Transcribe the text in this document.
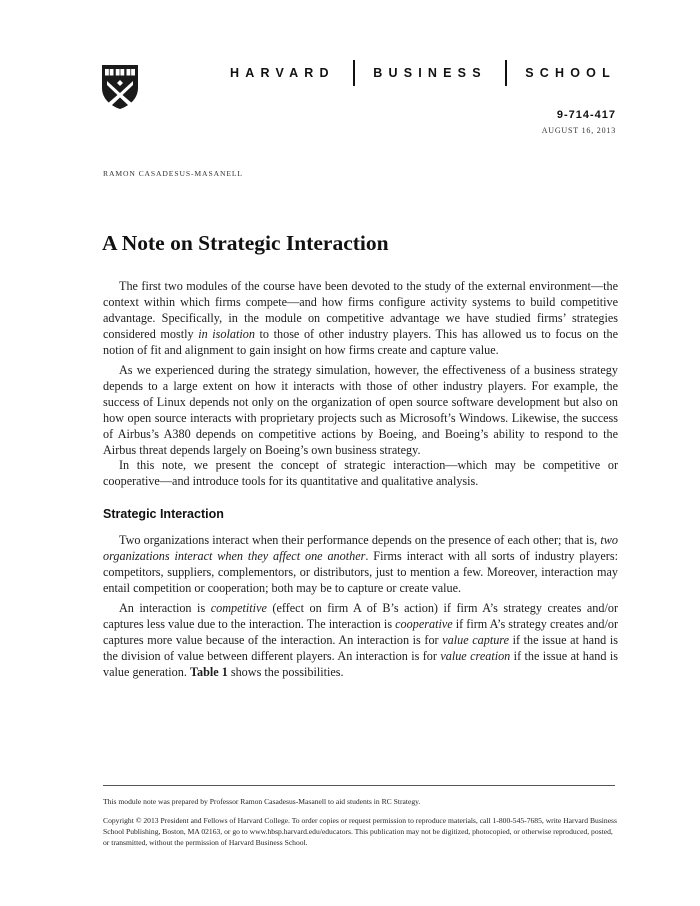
HARVARD	BUSINESS	SCHOOL
9-714-417
AUGUST 16, 2013
RAMON CASADESUS-MASANELL
A Note on Strategic Interaction

The first two modules of the course have been devoted to the study of the external environment—the context within which firms compete—and how firms configure activity systems to build competitive advantage. Specifically, in the module on competitive advantage we have studied firms’ strategies considered mostly in isolation to those of other industry players. This has allowed us to focus on the notion of fit and alignment to gain insight on how firms create and capture value.

As we experienced during the strategy simulation, however, the effectiveness of a business strategy depends to a large extent on how it interacts with those of other industry players. For example, the success of Linux depends not only on the organization of open source software development but also on how open source interacts with proprietary projects such as Microsoft’s Windows. Likewise, the success of Airbus’s A380 depends on competitive actions by Boeing, and Boeing’s ability to respond to the Airbus threat depends largely on Boeing’s own business strategy.

In this note, we present the concept of strategic interaction—which may be competitive or cooperative—and introduce tools for its quantitative and qualitative analysis.

Strategic Interaction

Two organizations interact when their performance depends on the presence of each other; that is, two organizations interact when they affect one another. Firms interact with all sorts of industry players: competitors, suppliers, complementors, or distributors, just to mention a few. Moreover, interaction may entail competition or cooperation; both may be to capture or create value.

An interaction is competitive (effect on firm A of B’s action) if firm A’s strategy creates and/or captures less value due to the interaction. The interaction is cooperative if firm A’s strategy creates and/or captures more value because of the interaction. An interaction is for value capture if the issue at hand is the division of value between different players. An interaction is for value creation if the issue at hand is value generation. Table 1 shows the possibilities.

This module note was prepared by Professor Ramon Casadesus-Masanell to aid students in RC Strategy.

Copyright © 2013 President and Fellows of Harvard College. To order copies or request permission to reproduce materials, call 1-800-545-7685, write Harvard Business School Publishing, Boston, MA 02163, or go to www.hbsp.harvard.edu/educators. This publication may not be digitized, photocopied, or otherwise reproduced, posted, or transmitted, without the permission of Harvard Business School.
